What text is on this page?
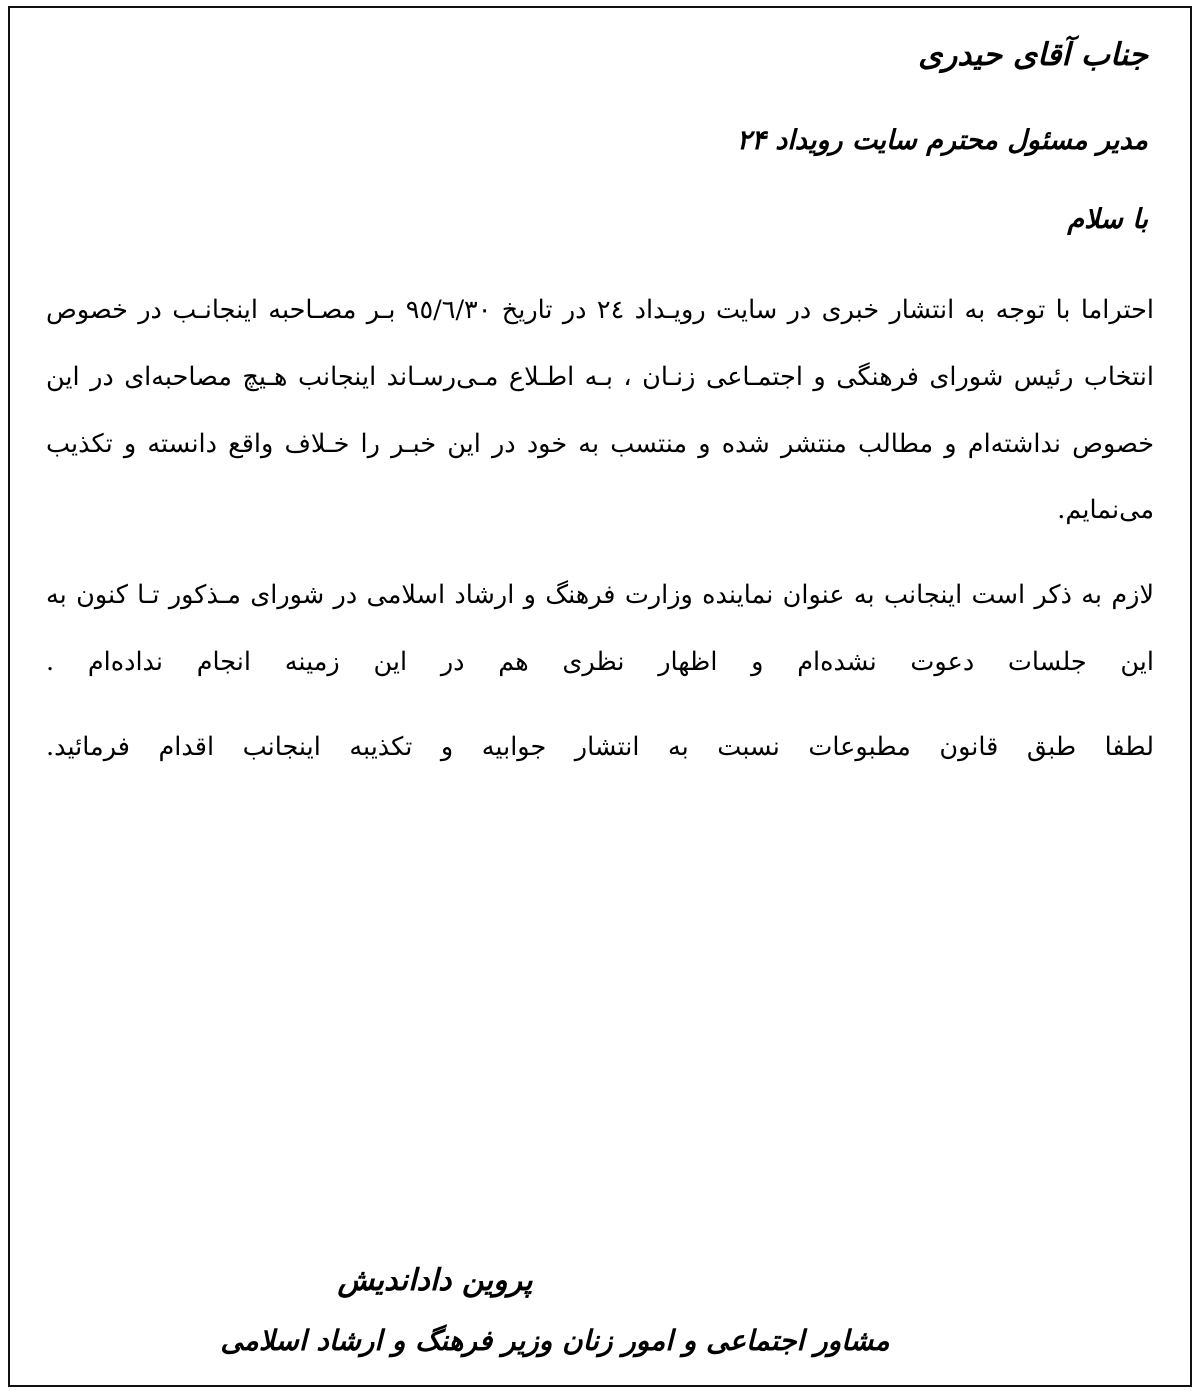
جناب آقای حیدری
مدیر مسئول محترم سایت رویداد ۲۴
با سلام

احتراما با توجه به انتشار خبری در سایت رویـداد ۲٤ در تاریخ ۹٥/٦/۳۰ بـر مصـاحبه اینجانـب در خصوص انتخاب رئیس شورای فرهنگی و اجتمـاعی زنـان ، بـه اطـلاع مـی‌رسـاند اینجانب هـیچ مصاحبه‌ای در این خصوص نداشته‌ام و مطالب منتشر شده و منتسب به خود در این خبـر را خـلاف واقع دانسته و تکذیب می‌نمایم.

لازم به ذکر است اینجانب به عنوان نماینده وزارت فرهنگ و ارشاد اسلامی در شورای مـذکور تـا کنون به این جلسات دعوت نشده‌ام و اظهار نظری هم در این زمینه انجام نداده‌ام .

لطفا طبق قانون مطبوعات نسبت به انتشار جوابیه و تکذیبه اینجانب اقدام فرمائید.

پروین داداندیش
مشاور اجتماعی و امور زنان وزیر فرهنگ و ارشاد اسلامی
